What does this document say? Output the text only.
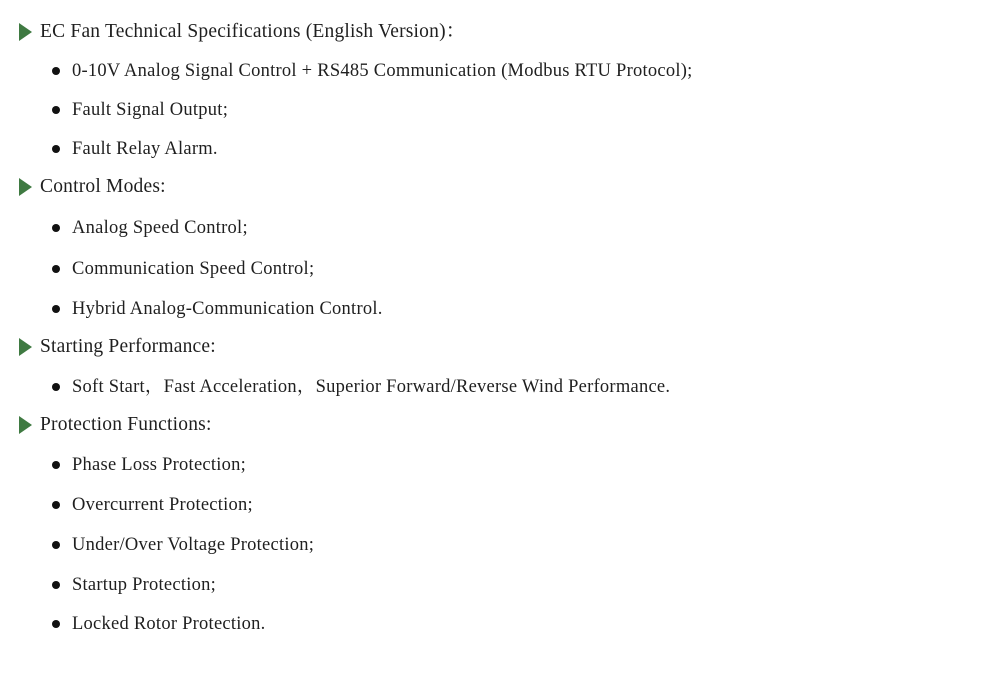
EC Fan Technical Specifications (English Version)：
0-10V Analog Signal Control + RS485 Communication (Modbus RTU Protocol);
Fault Signal Output;
Fault Relay Alarm.
Control Modes:
Analog Speed Control;
Communication Speed Control;
Hybrid Analog-Communication Control.
Starting Performance:
Soft Start，Fast Acceleration，Superior Forward/Reverse Wind Performance.
Protection Functions:
Phase Loss Protection;
Overcurrent Protection;
Under/Over Voltage Protection;
Startup Protection;
Locked Rotor Protection.
